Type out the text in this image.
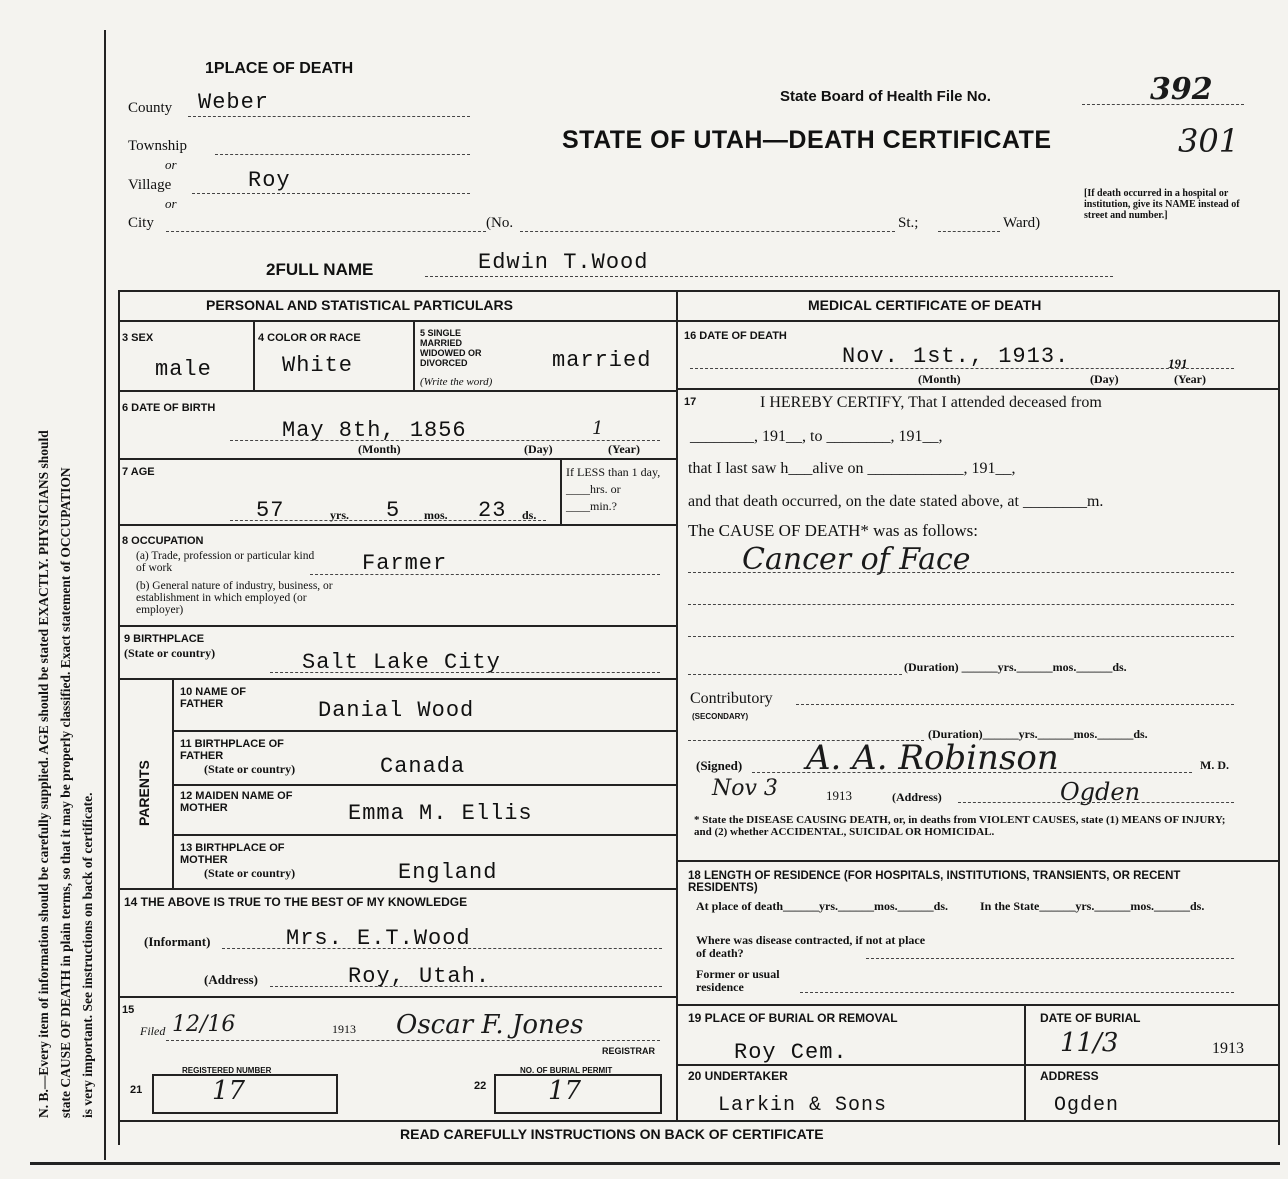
N. B.—Every item of information should be carefully supplied. AGE should be stated EXACTLY. PHYSICIANS should state CAUSE OF DEATH in plain terms, so that it may be properly classified. Exact statement of OCCUPATION is very important. See instructions on back of certificate.
1PLACE OF DEATH
County Weber
Township
or
Village	Roy
or
City	(No.	St.;	Ward)
State Board of Health File No.	392
STATE OF UTAH—DEATH CERTIFICATE	301
[If death occurred in a hospital or institution, give its NAME instead of street and number.]
2FULL NAME	Edwin T.Wood
PERSONAL AND STATISTICAL PARTICULARS
3 SEX
male
4 COLOR OR RACE
White
5 SINGLE MARRIED WIDOWED OR DIVORCED
(Write the word)
married
6 DATE OF BIRTH
May 8th, 1856	1
(Month)	(Day)	(Year)
7 AGE
57	yrs. 5 mos. 23 ds.
If LESS than 1 day, ____hrs. or ____min.?
8 OCCUPATION
(a) Trade, profession or particular kind of work	Farmer
(b) General nature of industry, business, or establishment in which employed (or employer)
9 BIRTHPLACE
(State or country)	Salt Lake City
PARENTS
10 NAME OF FATHER	Danial Wood
11 BIRTHPLACE OF FATHER
(State or country)	Canada
12 MAIDEN NAME OF MOTHER	Emma M. Ellis
13 BIRTHPLACE OF MOTHER
(State or country)	England
14 THE ABOVE IS TRUE TO THE BEST OF MY KNOWLEDGE
(Informant)	Mrs. E.T.Wood
(Address)	Roy, Utah.
15
Filed 12/16	1913 Oscar F. Jones
REGISTRAR
REGISTERED NUMBER
21	17
NO. OF BURIAL PERMIT
22 17
MEDICAL CERTIFICATE OF DEATH
16 DATE OF DEATH
Nov. 1st., 1913.	191
(Month)	(Day)	(Year)
17	I HEREBY CERTIFY, That I attended deceased from
________, 191__, to ________, 191__,
that I last saw h___alive on ____________, 191__,
and that death occurred, on the date stated above, at ________m.
The CAUSE OF DEATH* was as follows:
Cancer of Face
(Duration) ______yrs.______mos.______ds.
Contributory
(SECONDARY)
(Duration)______yrs.______mos.______ds.
(Signed) A. A. Robinson	M. D.
Nov 3	1913	(Address)	Ogden
* State the DISEASE CAUSING DEATH, or, in deaths from VIOLENT CAUSES, state (1) MEANS OF INJURY; and (2) whether ACCIDENTAL, SUICIDAL OR HOMICIDAL.
18 LENGTH OF RESIDENCE (FOR HOSPITALS, INSTITUTIONS, TRANSIENTS, OR RECENT RESIDENTS)
At place of death______yrs.______mos.______ds.	In the State______yrs.______mos.______ds.
Where was disease contracted, if not at place of death?
Former or usual residence
19 PLACE OF BURIAL OR REMOVAL
Roy Cem.
DATE OF BURIAL
11/3	1913
20 UNDERTAKER
Larkin & Sons
ADDRESS
Ogden
READ CAREFULLY INSTRUCTIONS ON BACK OF CERTIFICATE
